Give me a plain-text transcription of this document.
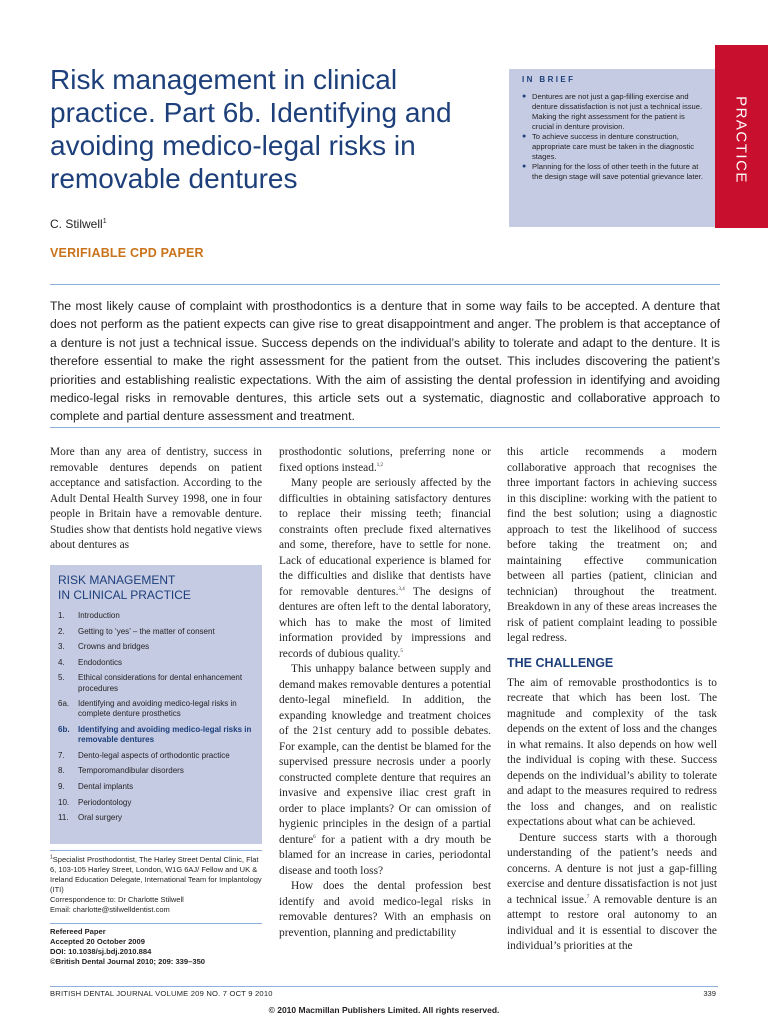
Risk management in clinical practice. Part 6b. Identifying and avoiding medico-legal risks in removable dentures
C. Stilwell$^1$
VERIFIABLE CPD PAPER
IN BRIEF
● Dentures are not just a gap-filling exercise and denture dissatisfaction is not just a technical issue. Making the right assessment for the patient is crucial in denture provision.
● To achieve success in denture construction, appropriate care must be taken in the diagnostic stages.
● Planning for the loss of other teeth in the future at the design stage will save potential grievance later. PRACTICE

The most likely cause of complaint with prosthodontics is a denture that in some way fails to be accepted. A denture that does not perform as the patient expects can give rise to great disappointment and anger. The problem is that acceptance of a denture is not just a technical issue. Success depends on the individual’s ability to tolerate and adapt to the denture. It is therefore essential to make the right assessment for the patient from the outset. This includes discovering the patient’s priorities and establishing realistic expectations. With the aim of assisting the dental profession in identifying and avoiding medico-legal risks in removable dentures, this article sets out a systematic, diagnostic and collaborative approach to complete and partial denture assessment and treatment.

More than any area of dentistry, success in removable dentures depends on patient acceptance and satisfaction. According to the Adult Dental Health Survey 1998, one in four people in Britain have a removable denture. Studies show that dentists hold negative views about dentures as

RISK MANAGEMENT
IN CLINICAL PRACTICE
1.	Introduction
2.	Getting to ‘yes’ – the matter of consent
3.	Crowns and bridges
4.	Endodontics
5.	Ethical considerations for dental enhancement procedures
6a.	Identifying and avoiding medico-legal risks in complete denture prosthetics
6b.	Identifying and avoiding medico-legal risks in removable dentures
7.	Dento-legal aspects of orthodontic practice
8.	Temporomandibular disorders
9.	Dental implants
10.	Periodontology
11.	Oral surgery
$^1$Specialist Prosthodontist, The Harley Street Dental Clinic, Flat 6, 103-105 Harley Street, London, W1G 6AJ/ Fellow and UK & Ireland Education Delegate, International Team for Implantology (ITI)
Correspondence to: Dr Charlotte Stilwell
Email: charlotte@stilwelldentist.com
Refereed Paper
Accepted 20 October 2009
DOI: 10.1038/sj.bdj.2010.884
©British Dental Journal 2010; 209: 339–350

prosthodontic solutions, preferring none or fixed options instead.$^{1,2}$

Many people are seriously affected by the difficulties in obtaining satisfactory dentures to replace their missing teeth; financial constraints often preclude fixed alternatives and some, therefore, have to settle for none. Lack of educational experience is blamed for the difficulties and dislike that dentists have for removable dentures.$^{3,4}$ The designs of dentures are often left to the dental laboratory, which has to make the most of limited information provided by impressions and records of dubious quality.$^5$

This unhappy balance between supply and demand makes removable dentures a potential dento-legal minefield. In addition, the expanding knowledge and treatment choices of the 21st century add to possible debates. For example, can the dentist be blamed for the supervised pressure necrosis under a poorly constructed complete denture that requires an invasive and expensive iliac crest graft in order to place implants? Or can omission of hygienic principles in the design of a partial denture$^6$ for a patient with a dry mouth be blamed for an increase in caries, periodontal disease and tooth loss?

How does the dental profession best identify and avoid medico-legal risks in removable dentures? With an emphasis on prevention, planning and predictability

this article recommends a modern collaborative approach that recognises the three important factors in achieving success in this discipline: working with the patient to find the best solution; using a diagnostic approach to test the likelihood of success before taking the treatment on; and maintaining effective communication between all parties (patient, clinician and technician) throughout the treatment. Breakdown in any of these areas increases the risk of patient complaint leading to possible legal redress.

THE CHALLENGE

The aim of removable prosthodontics is to recreate that which has been lost. The magnitude and complexity of the task depends on the extent of loss and the changes in what remains. It also depends on how well the individual is coping with these. Success depends on the individual’s ability to tolerate and adapt to the measures required to redress the loss and changes, and on realistic expectations about what can be achieved.

Denture success starts with a thorough understanding of the patient’s needs and concerns. A denture is not just a gap-filling exercise and denture dissatisfaction is not just a technical issue.$^7$ A removable denture is an attempt to restore oral autonomy to an individual and it is essential to discover the individual’s priorities at the

BRITISH DENTAL JOURNAL VOLUME 209 NO. 7 OCT 9 2010	339
© 2010 Macmillan Publishers Limited. All rights reserved.
